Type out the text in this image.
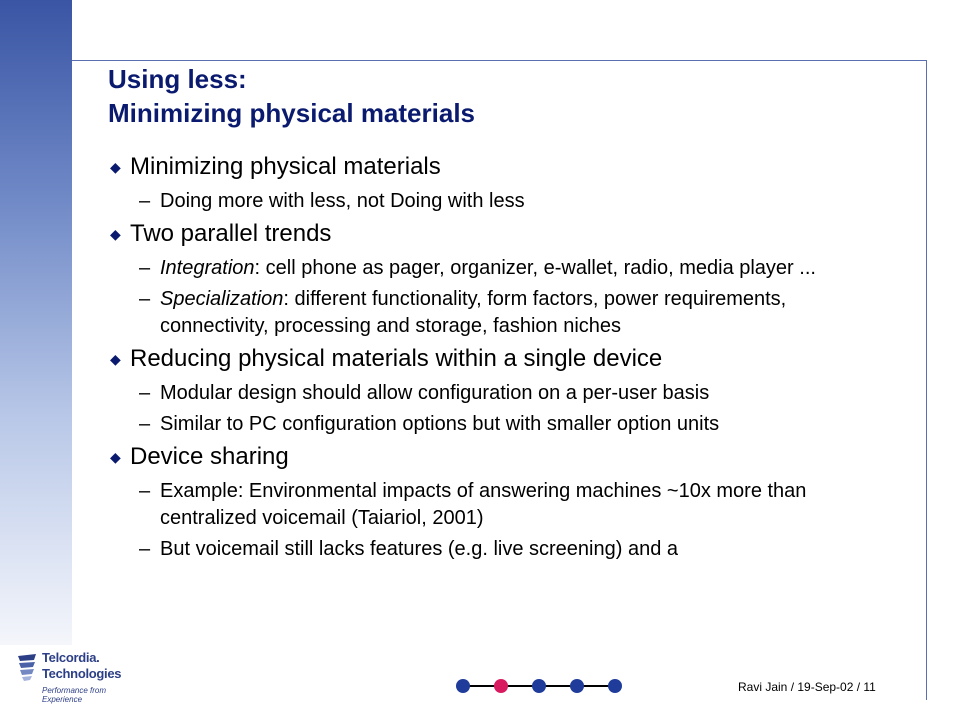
Using less:
Minimizing physical materials
◆ Minimizing physical materials
– Doing more with less, not Doing with less
◆ Two parallel trends
– Integration: cell phone as pager, organizer, e-wallet, radio, media player ...
– Specialization: different functionality, form factors, power requirements, connectivity, processing and storage, fashion niches
◆ Reducing physical materials within a single device
– Modular design should allow configuration on a per-user basis
– Similar to PC configuration options but with smaller option units
◆ Device sharing
– Example: Environmental impacts of answering machines ~10x more than centralized voicemail (Taiariol, 2001)
– But voicemail still lacks features (e.g. live screening) and a
Telcordia.
Technologies
Performance from Experience
Ravi Jain / 19-Sep-02 / 11
